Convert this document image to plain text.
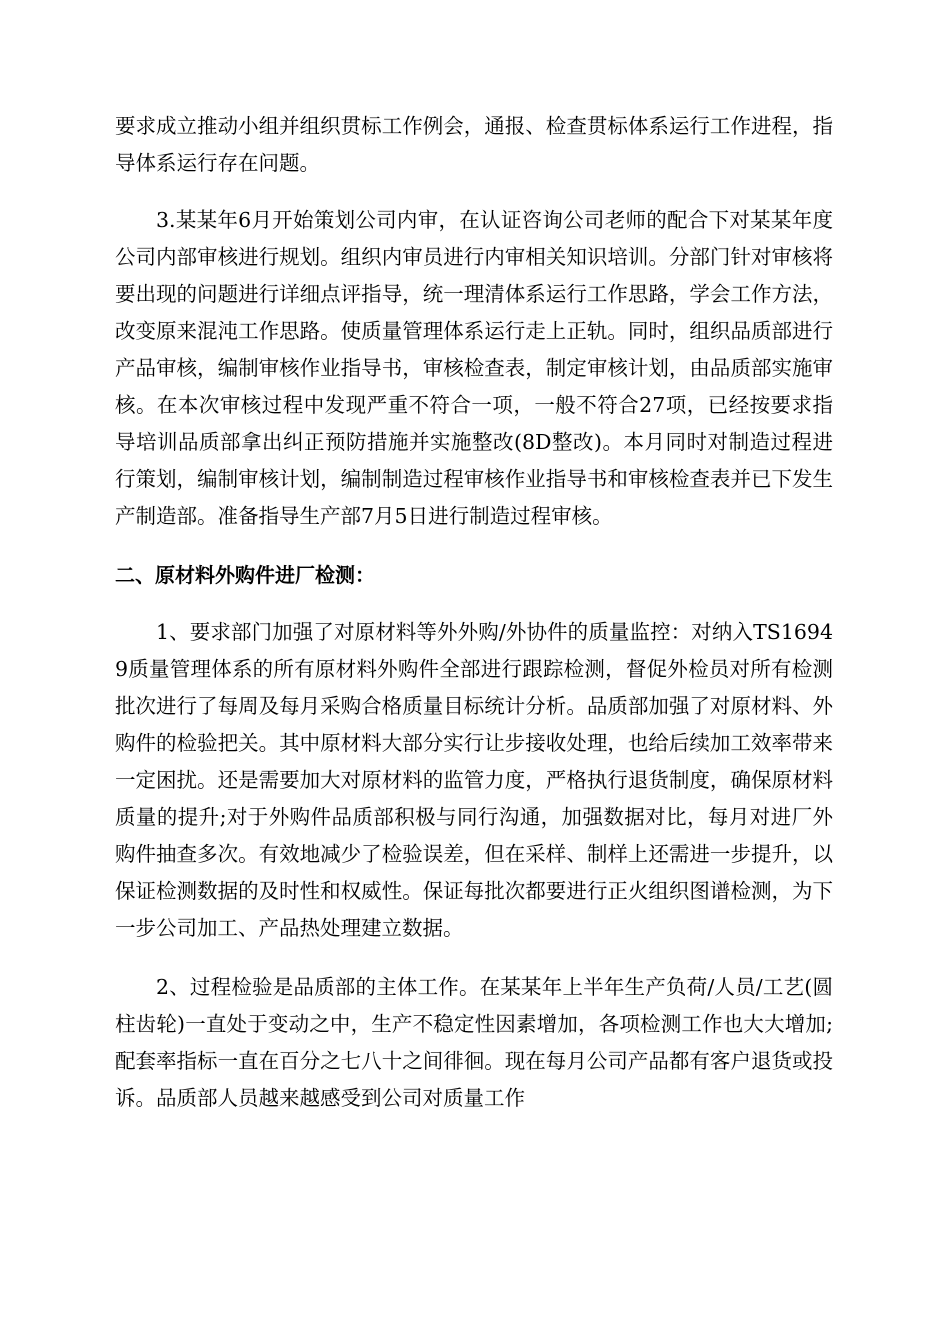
要求成立推动小组并组织贯标工作例会，通报、检查贯标体系运行工作进程，指导体系运行存在问题。

3.某某年6月开始策划公司内审，在认证咨询公司老师的配合下对某某年度公司内部审核进行规划。组织内审员进行内审相关知识培训。分部门针对审核将要出现的问题进行详细点评指导，统一理清体系运行工作思路，学会工作方法，改变原来混沌工作思路。使质量管理体系运行走上正轨。同时，组织品质部进行产品审核，编制审核作业指导书，审核检查表，制定审核计划，由品质部实施审核。在本次审核过程中发现严重不符合一项，一般不符合27项，已经按要求指导培训品质部拿出纠正预防措施并实施整改(8D整改)。本月同时对制造过程进行策划，编制审核计划，编制制造过程审核作业指导书和审核检查表并已下发生产制造部。准备指导生产部7月5日进行制造过程审核。

二、原材料外购件进厂检测：

1、要求部门加强了对原材料等外外购/外协件的质量监控：对纳入TS16949质量管理体系的所有原材料外购件全部进行跟踪检测，督促外检员对所有检测批次进行了每周及每月采购合格质量目标统计分析。品质部加强了对原材料、外购件的检验把关。其中原材料大部分实行让步接收处理，也给后续加工效率带来一定困扰。还是需要加大对原材料的监管力度，严格执行退货制度，确保原材料质量的提升;对于外购件品质部积极与同行沟通，加强数据对比，每月对进厂外购件抽查多次。有效地减少了检验误差，但在采样、制样上还需进一步提升，以保证检测数据的及时性和权威性。保证每批次都要进行正火组织图谱检测，为下一步公司加工、产品热处理建立数据。

2、过程检验是品质部的主体工作。在某某年上半年生产负荷/人员/工艺(圆柱齿轮)一直处于变动之中，生产不稳定性因素增加，各项检测工作也大大增加;配套率指标一直在百分之七八十之间徘徊。现在每月公司产品都有客户退货或投诉。品质部人员越来越感受到公司对质量工作
